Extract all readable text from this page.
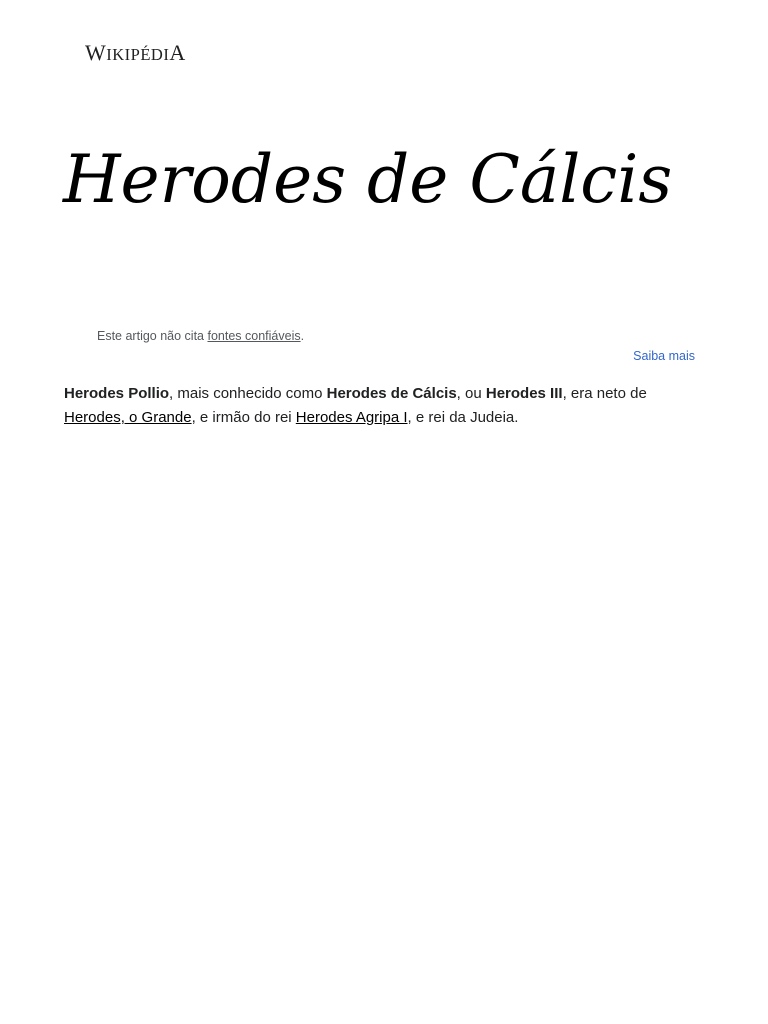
WIKIPÉDIA
Herodes de Cálcis
Este artigo não cita fontes confiáveis.
Saiba mais

Herodes Pollio, mais conhecido como Herodes de Cálcis, ou Herodes III, era neto de Herodes, o Grande, e irmão do rei Herodes Agripa I, e rei da Judeia.
